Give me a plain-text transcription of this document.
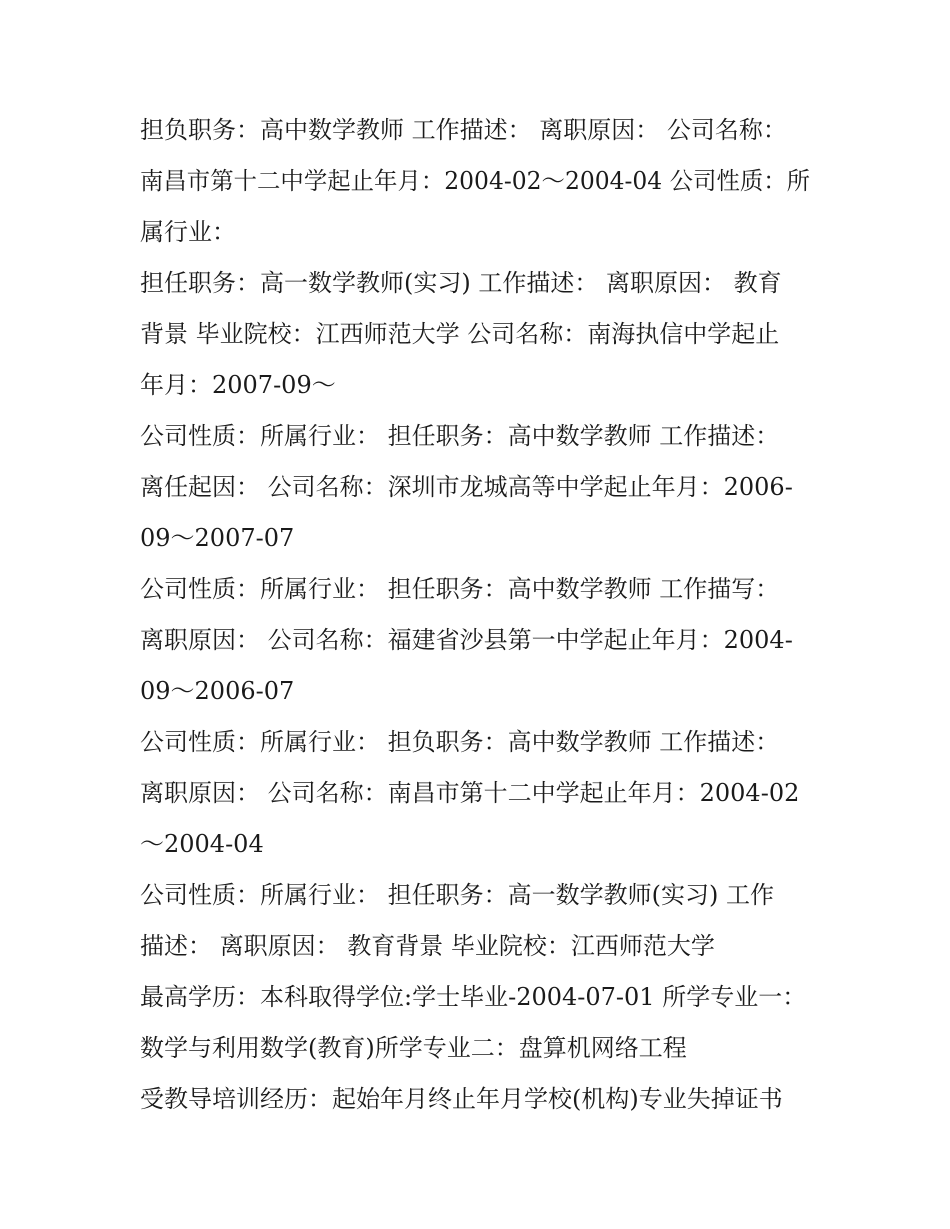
担负职务：高中数学教师 工作描述： 离职原因： 公司名称：
南昌市第十二中学起止年月：2004-02～2004-04 公司性质：所
属行业：
担任职务：高一数学教师(实习) 工作描述： 离职原因： 教育
背景 毕业院校：江西师范大学 公司名称：南海执信中学起止
年月：2007-09～
公司性质：所属行业： 担任职务：高中数学教师 工作描述：
离任起因： 公司名称：深圳市龙城高等中学起止年月：2006-
09～2007-07
公司性质：所属行业： 担任职务：高中数学教师 工作描写：
离职原因： 公司名称：福建省沙县第一中学起止年月：2004-
09～2006-07
公司性质：所属行业： 担负职务：高中数学教师 工作描述：
离职原因： 公司名称：南昌市第十二中学起止年月：2004-02
～2004-04
公司性质：所属行业： 担任职务：高一数学教师(实习) 工作
描述： 离职原因： 教育背景 毕业院校：江西师范大学
最高学历：本科取得学位:学士毕业-2004-07-01 所学专业一：
数学与利用数学(教育)所学专业二：盘算机网络工程
受教导培训经历：起始年月终止年月学校(机构)专业失掉证书
